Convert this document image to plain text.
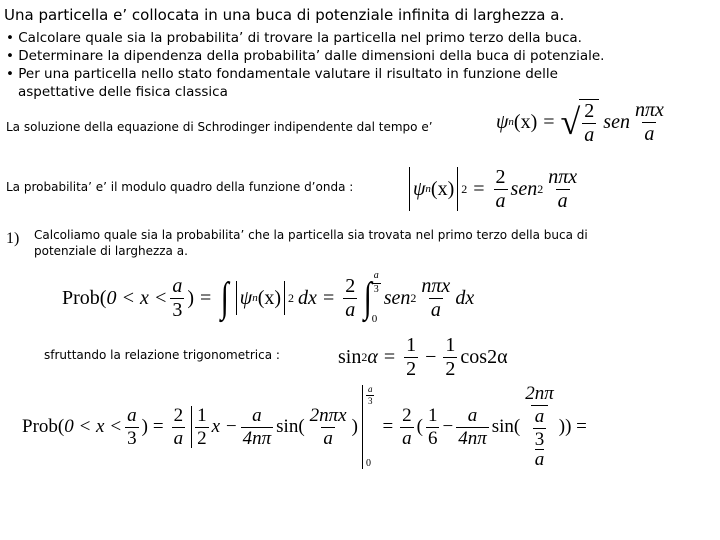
Una particella e’ collocata in una buca di potenziale infinita di larghezza a.
• Calcolare quale sia la probabilita’ di trovare la particella nel primo terzo della buca.
• Determinare la dipendenza della probabilita’ dalle dimensioni della buca di potenziale.
• Per una particella nello stato fondamentale valutare il risultato in funzione delle
aspettative delle fisica classica
La soluzione della equazione di Schrodinger indipendente dal tempo e’	ψ n (x) = √ $\frac{2}{a}$ sen $\frac{\text{nπx}}{a}$
La probabilita’ e’ il modulo quadro della funzione d’onda :	ψ n (x) $2 = \frac{2}{a}$ sen $2 \frac{\text{nπx}}{a}$
1) Calcoliamo quale sia la probabilita’ che la particella sia trovata nel primo terzo della buca di
potenziale di larghezza a.
Prob( $0 < x < \frac{a}{3}$ ) = ∫ ψ n (x) 2 dx = $\frac{2}{a}$ ∫ $\frac{a}{3}$
0
sen $2 \frac{\text{nπx}}{a}$ dx
sfruttando la relazione trigonometrica :	sin 2 $\alpha = \frac{1}{2} - \frac{1}{2} \cos 2\alpha$
Prob( $0 < x < \frac{a}{3}$ ) = $\frac{2}{a} \frac{1}{2}$ $x - \frac{a}{4n\pi} \sin( \frac{\text{2nπx}}{a}$ )
$\frac{a}{3}$
0
= $\frac{2}{a}$ ( $\frac{1}{6} - \frac{a}{4n\pi} \sin$( 2nπ
$\frac{a}{3}$
a )) =
